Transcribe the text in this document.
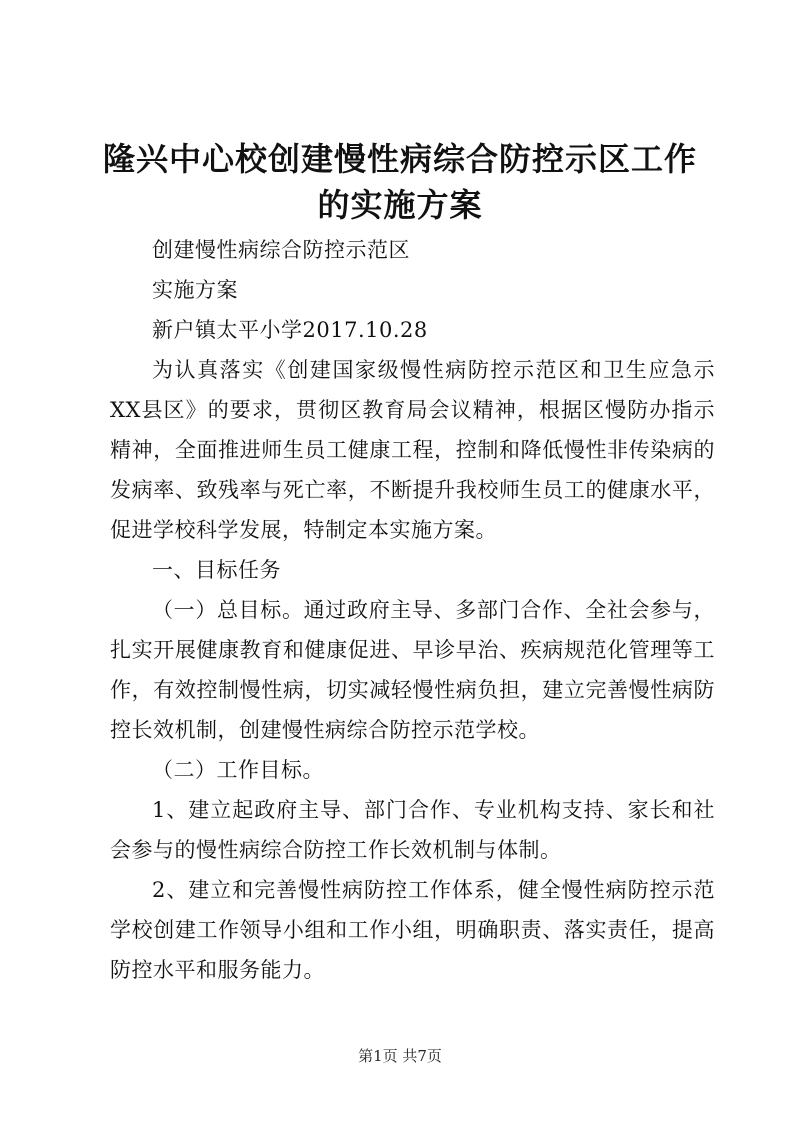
隆兴中心校创建慢性病综合防控示区工作的实施方案

创建慢性病综合防控示范区

实施方案

新户镇太平小学2017.10.28

为认真落实《创建国家级慢性病防控示范区和卫生应急示XX县区》的要求，贯彻区教育局会议精神，根据区慢防办指示精神，全面推进师生员工健康工程，控制和降低慢性非传染病的发病率、致残率与死亡率，不断提升我校师生员工的健康水平，促进学校科学发展，特制定本实施方案。

一、目标任务

（一）总目标。通过政府主导、多部门合作、全社会参与，扎实开展健康教育和健康促进、早诊早治、疾病规范化管理等工作，有效控制慢性病，切实减轻慢性病负担，建立完善慢性病防控长效机制，创建慢性病综合防控示范学校。

（二）工作目标。

1、建立起政府主导、部门合作、专业机构支持、家长和社会参与的慢性病综合防控工作长效机制与体制。

2、建立和完善慢性病防控工作体系，健全慢性病防控示范学校创建工作领导小组和工作小组，明确职责、落实责任，提高防控水平和服务能力。

第1页 共7页
